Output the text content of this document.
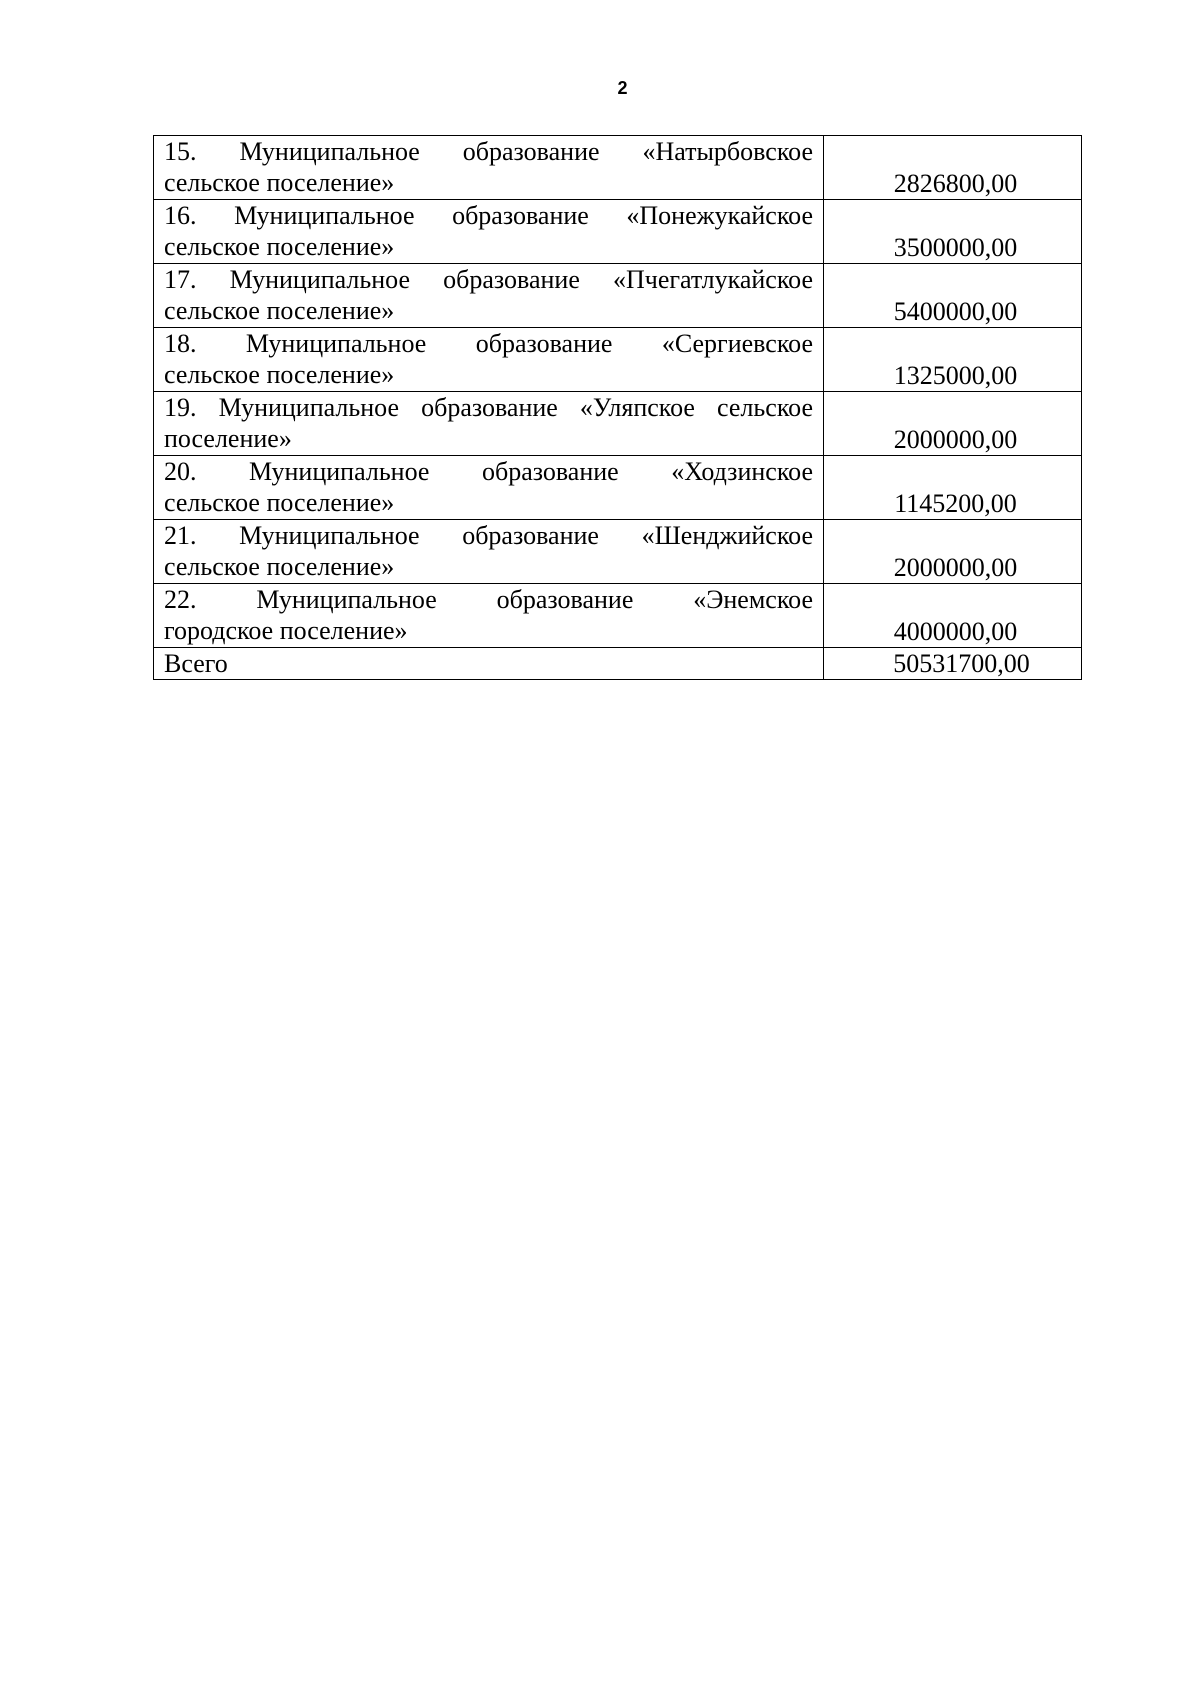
2
15. Муниципальное образование «Натырбовское
сельское поселение»	2826800,00

16. Муниципальное образование «Понежукайское
сельское поселение»	3500000,00

17. Муниципальное образование «Пчегатлукайское
сельское поселение»	5400000,00

18. Муниципальное образование «Сергиевское
сельское поселение»	1325000,00

19. Муниципальное образование «Уляпское сельское
поселение»	2000000,00

20. Муниципальное образование «Ходзинское
сельское поселение»	1145200,00

21. Муниципальное образование «Шенджийское
сельское поселение»	2000000,00

22. Муниципальное образование «Энемское
городское поселение»	4000000,00

Всего	50531700,00
